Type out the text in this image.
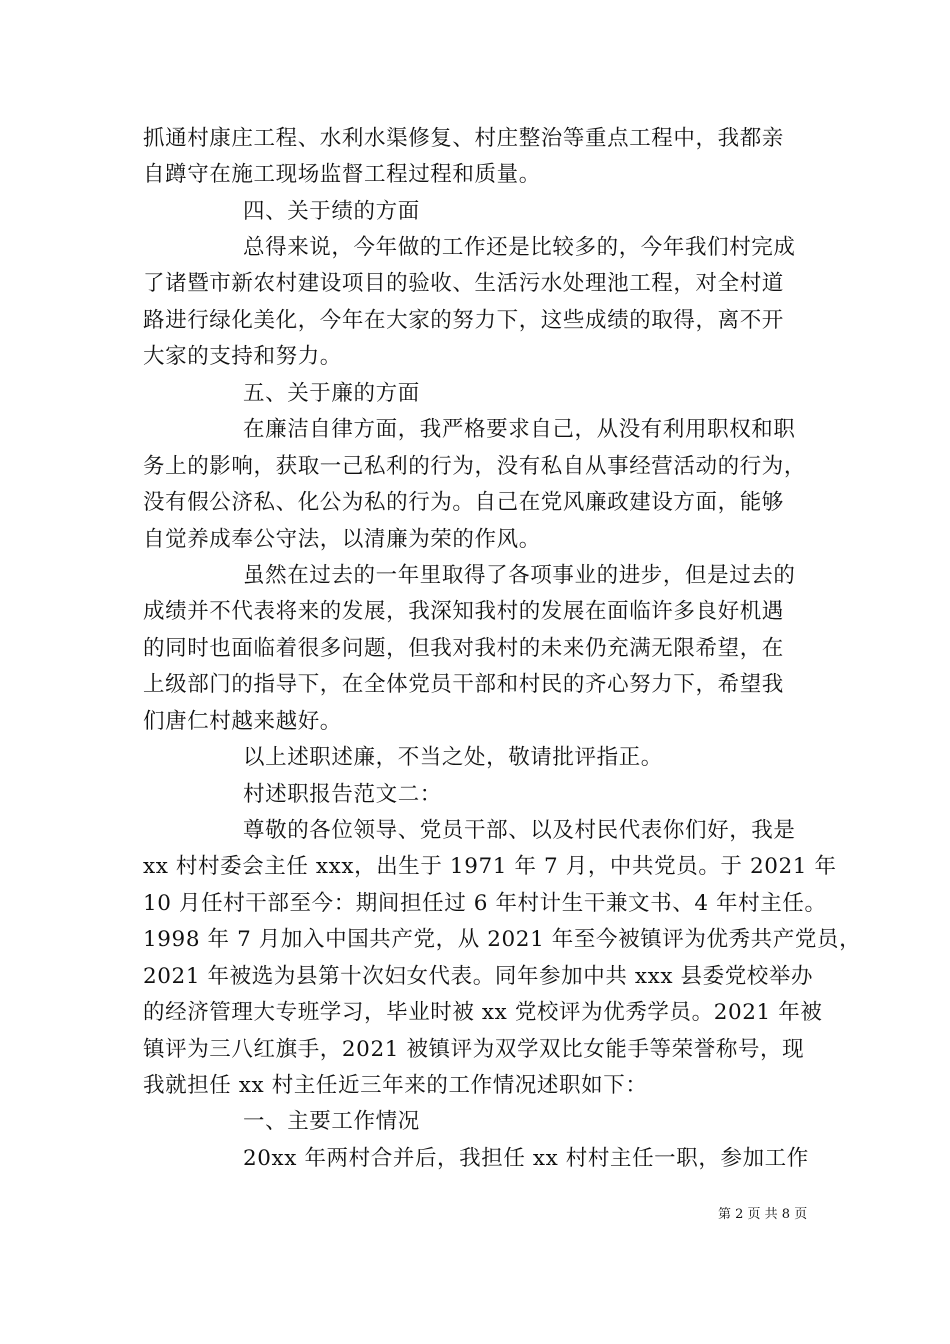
抓通村康庄工程、水利水渠修复、村庄整治等重点工程中，我都亲
自蹲守在施工现场监督工程过程和质量。
四、关于绩的方面
总得来说，今年做的工作还是比较多的，今年我们村完成
了诸暨市新农村建设项目的验收、生活污水处理池工程，对全村道
路进行绿化美化，今年在大家的努力下，这些成绩的取得，离不开
大家的支持和努力。
五、关于廉的方面
在廉洁自律方面，我严格要求自己，从没有利用职权和职
务上的影响，获取一己私利的行为，没有私自从事经营活动的行为，
没有假公济私、化公为私的行为。自己在党风廉政建设方面，能够
自觉养成奉公守法，以清廉为荣的作风。
虽然在过去的一年里取得了各项事业的进步，但是过去的
成绩并不代表将来的发展，我深知我村的发展在面临许多良好机遇
的同时也面临着很多问题，但我对我村的未来仍充满无限希望，在
上级部门的指导下，在全体党员干部和村民的齐心努力下，希望我
们唐仁村越来越好。
以上述职述廉，不当之处，敬请批评指正。
村述职报告范文二：
尊敬的各位领导、党员干部、以及村民代表你们好，我是
xx 村村委会主任 xxx，出生于 1971 年 7 月，中共党员。于 2021 年
10 月任村干部至今：期间担任过 6 年村计生干兼文书、4 年村主任。
1998 年 7 月加入中国共产党，从 2021 年至今被镇评为优秀共产党员，
2021 年被选为县第十次妇女代表。同年参加中共 xxx 县委党校举办
的经济管理大专班学习，毕业时被 xx 党校评为优秀学员。2021 年被
镇评为三八红旗手，2021 被镇评为双学双比女能手等荣誉称号，现
我就担任 xx 村主任近三年来的工作情况述职如下：
一、主要工作情况
20xx 年两村合并后，我担任 xx 村村主任一职，参加工作
第 2 页 共 8 页
